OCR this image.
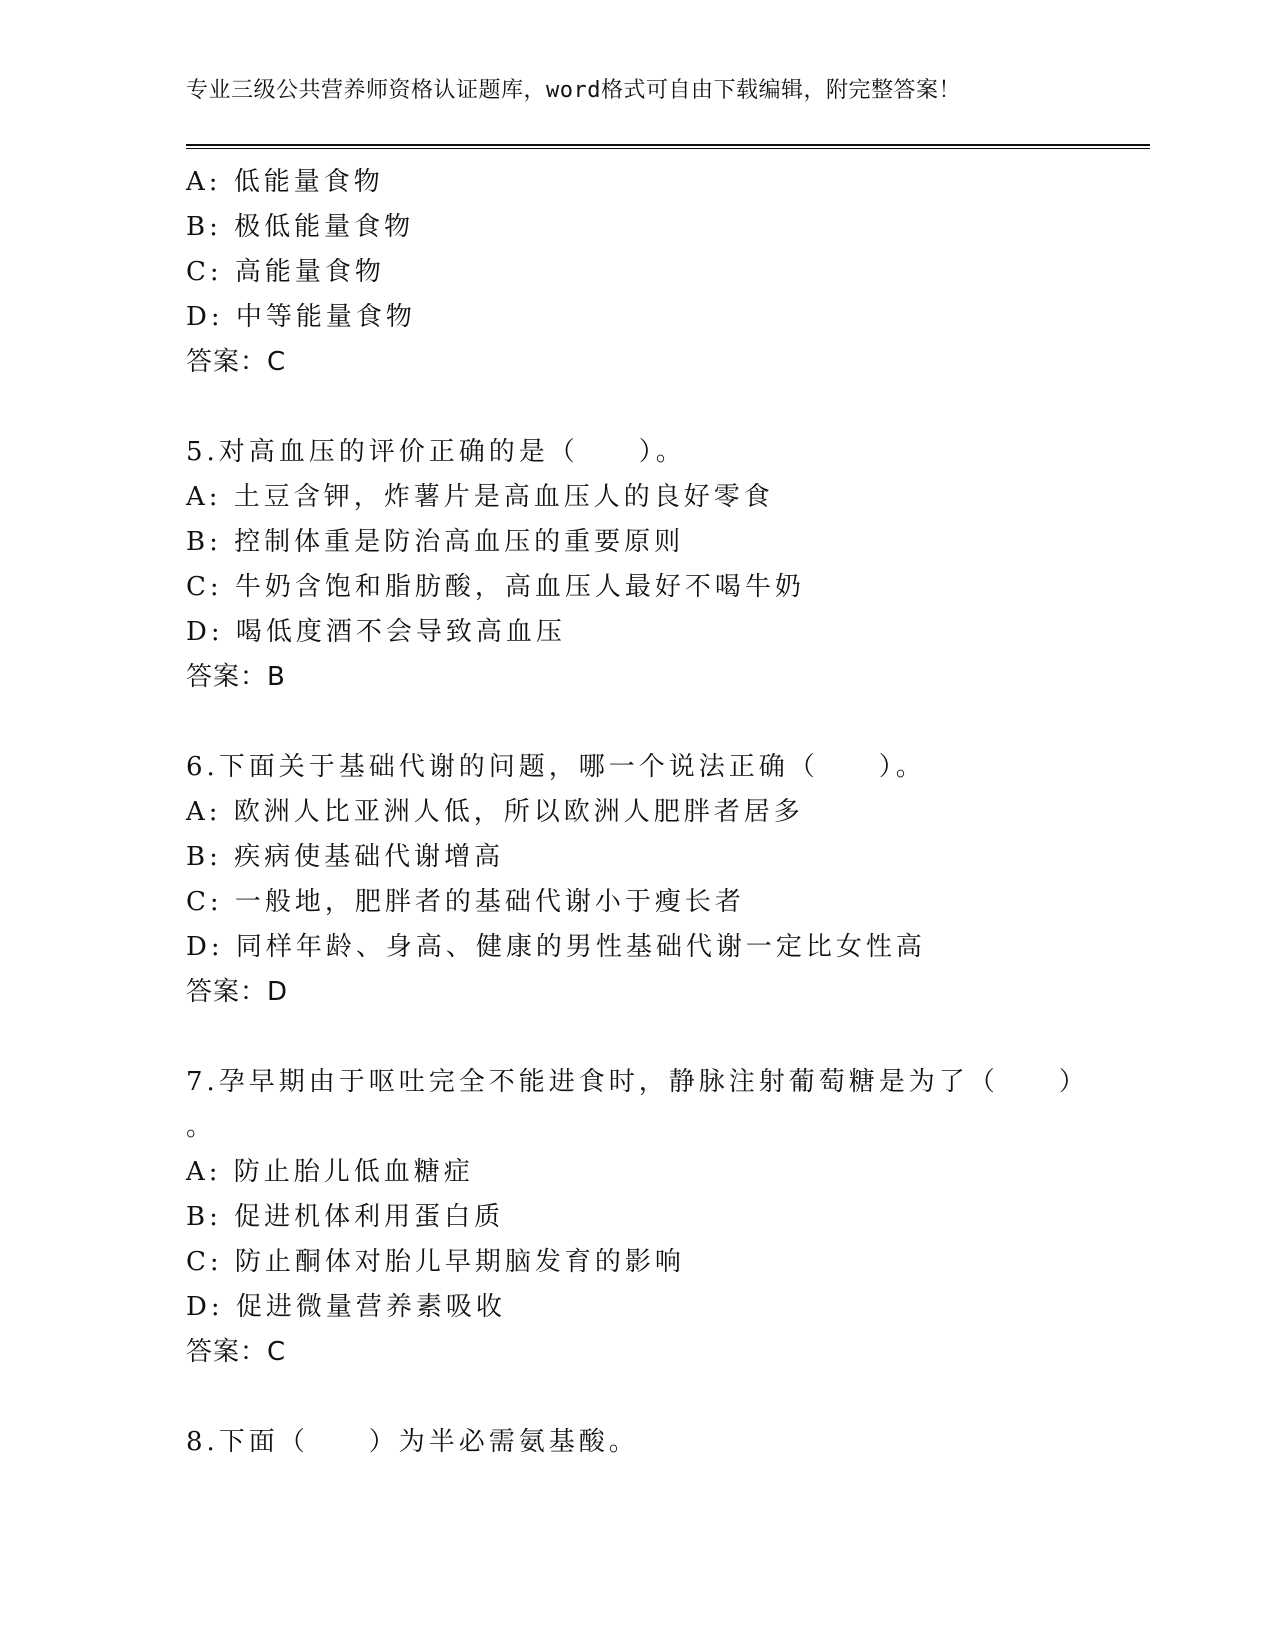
专业三级公共营养师资格认证题库，word格式可自由下载编辑，附完整答案！
A: 低能量食物
B: 极低能量食物
C: 高能量食物
D: 中等能量食物
答案：C
5.对高血压的评价正确的是（　　）。
A: 土豆含钾，炸薯片是高血压人的良好零食
B: 控制体重是防治高血压的重要原则
C: 牛奶含饱和脂肪酸，高血压人最好不喝牛奶
D: 喝低度酒不会导致高血压
答案：B
6.下面关于基础代谢的问题，哪一个说法正确（　　）。
A: 欧洲人比亚洲人低，所以欧洲人肥胖者居多
B: 疾病使基础代谢增高
C: 一般地，肥胖者的基础代谢小于瘦长者
D: 同样年龄、身高、健康的男性基础代谢一定比女性高
答案：D
7.孕早期由于呕吐完全不能进食时，静脉注射葡萄糖是为了（　　）
。
A: 防止胎儿低血糖症
B: 促进机体利用蛋白质
C: 防止酮体对胎儿早期脑发育的影响
D: 促进微量营养素吸收
答案：C
8.下面（　　）为半必需氨基酸。
